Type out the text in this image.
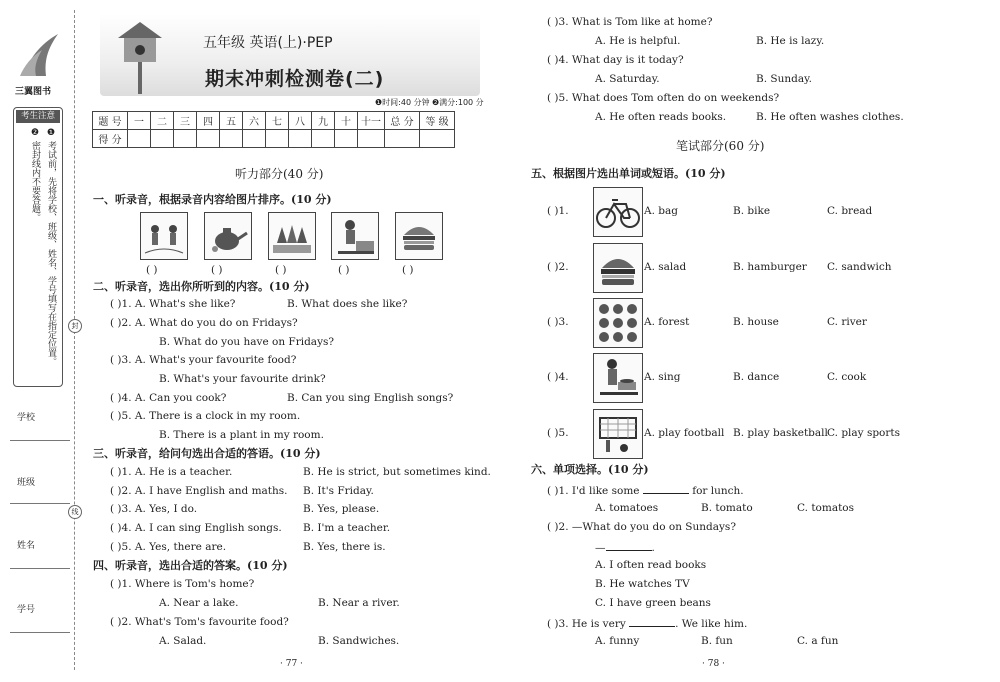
三翼图书
考生注意
❶ 考试前，先将学校、班级、姓名、学号填写在指定位置。
❷ 密封线内不要答题。
封
线
学校
班级
姓名
学号
五年级 英语(上)·PEP
期末冲刺检测卷(二)
❶时间:40 分钟 ❷满分:100 分
题 号	一	二	三	四	五	六	七	八	九	十	十一	总 分	等 级
得 分													
听力部分(40 分)
一、听录音，根据录音内容给图片排序。(10 分)
( )	( )	( )	( )	( )
二、听录音，选出你所听到的内容。(10 分)
( )1. A. What's she like?	B. What does she like?
( )2. A. What do you do on Fridays?
B. What do you have on Fridays?
( )3. A. What's your favourite food?
B. What's your favourite drink?
( )4. A. Can you cook?	B. Can you sing English songs?
( )5. A. There is a clock in my room.
B. There is a plant in my room.
三、听录音，给问句选出合适的答语。(10 分)
( )1. A. He is a teacher.	B. He is strict, but sometimes kind.
( )2. A. I have English and maths. B. It's Friday.
( )3. A. Yes, I do.	B. Yes, please.
( )4. A. I can sing English songs. B. I'm a teacher.
( )5. A. Yes, there are.	B. Yes, there is.
四、听录音，选出合适的答案。(10 分)
( )1. Where is Tom's home?
A. Near a lake.	B. Near a river.
( )2. What's Tom's favourite food?
A. Salad.	B. Sandwiches.
· 77 ·
( )3. What is Tom like at home?
A. He is helpful.	B. He is lazy.
( )4. What day is it today?
A. Saturday.	B. Sunday.
( )5. What does Tom often do on weekends?
A. He often reads books.	B. He often washes clothes.
笔试部分(60 分)
五、根据图片选出单词或短语。(10 分)
( )1.	A. bag	B. bike	C. bread
( )2.	A. salad	B. hamburger C. sandwich
( )3.	A. forest	B. house	C. river
( )4.	A. sing	B. dance	C. cook
( )5.	A. play football B. play basketball C. play sports
六、单项选择。(10 分)
( )1. I'd like some	for lunch.
A. tomatoes	B. tomato	C. tomatos
( )2. —What do you do on Sundays?
—	.
A. I often read books
B. He watches TV
C. I have green beans
( )3. He is very	. We like him.
A. funny	B. fun	C. a fun
· 78 ·
